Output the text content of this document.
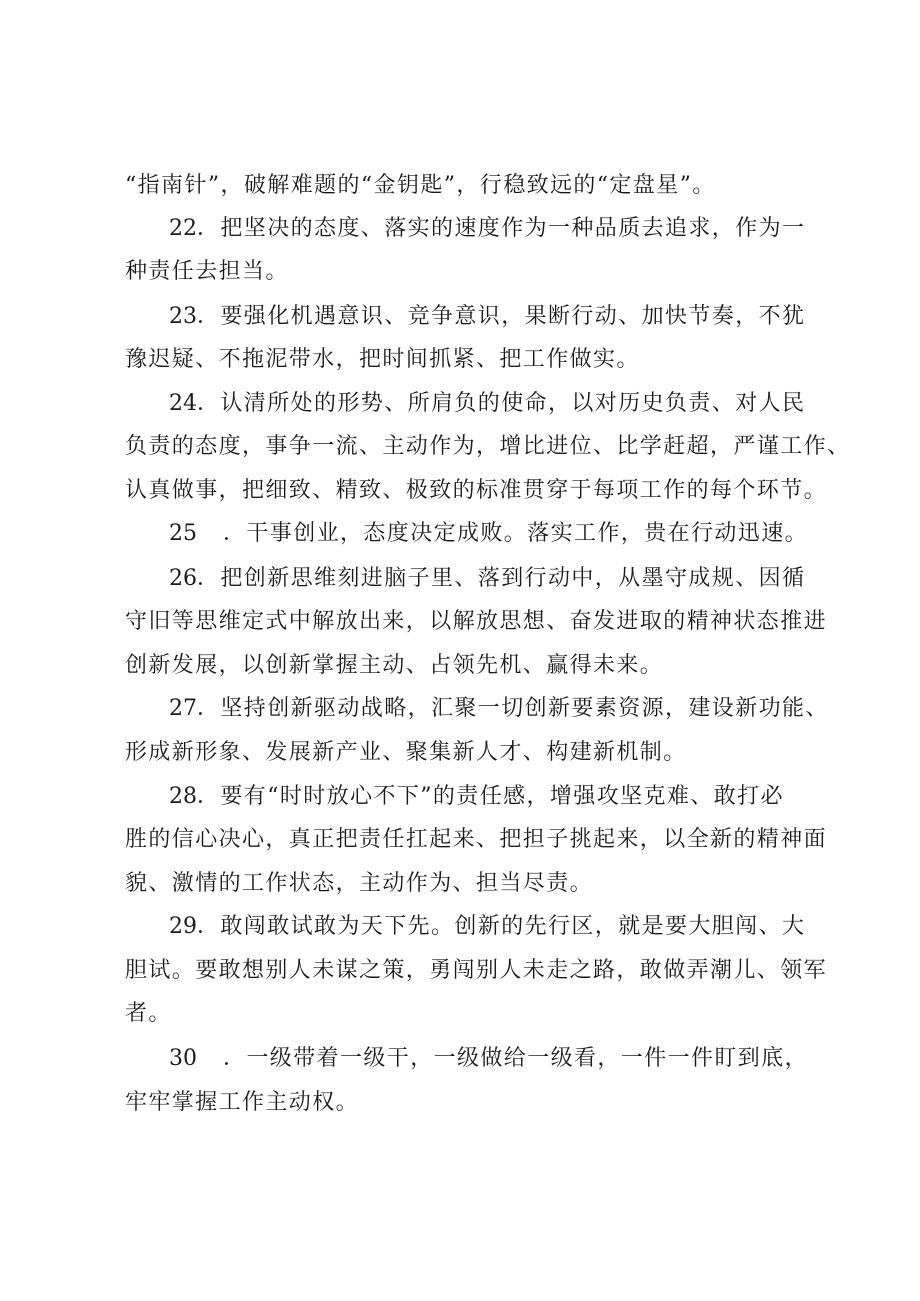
“指南针”，破解难题的“金钥匙”，行稳致远的“定盘星”。
22．把坚决的态度、落实的速度作为一种品质去追求，作为一
种责任去担当。
23．要强化机遇意识、竞争意识，果断行动、加快节奏，不犹
豫迟疑、不拖泥带水，把时间抓紧、把工作做实。
24．认清所处的形势、所肩负的使命，以对历史负责、对人民
负责的态度，事争一流、主动作为，增比进位、比学赶超，严谨工作、
认真做事，把细致、精致、极致的标准贯穿于每项工作的每个环节。
25 ．干事创业，态度决定成败。落实工作，贵在行动迅速。
26．把创新思维刻进脑子里、落到行动中，从墨守成规、因循
守旧等思维定式中解放出来，以解放思想、奋发进取的精神状态推进
创新发展，以创新掌握主动、占领先机、赢得未来。
27．坚持创新驱动战略，汇聚一切创新要素资源，建设新功能、
形成新形象、发展新产业、聚集新人才、构建新机制。
28．要有“时时放心不下”的责任感，增强攻坚克难、敢打必
胜的信心决心，真正把责任扛起来、把担子挑起来，以全新的精神面
貌、激情的工作状态，主动作为、担当尽责。
29．敢闯敢试敢为天下先。创新的先行区，就是要大胆闯、大
胆试。要敢想别人未谋之策，勇闯别人未走之路，敢做弄潮儿、领军
者。
30 ．一级带着一级干，一级做给一级看，一件一件盯到底，
牢牢掌握工作主动权。
